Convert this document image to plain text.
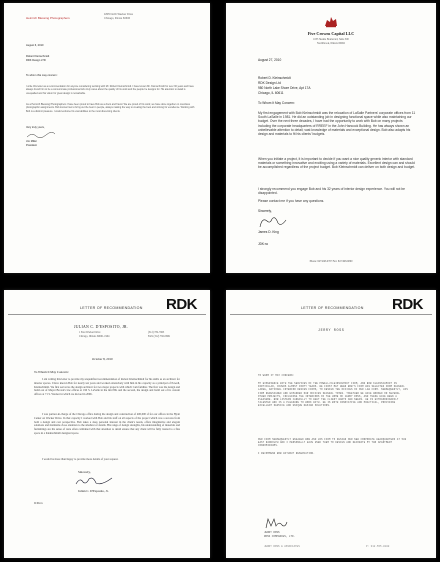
Heinrich Blessing Photographers
1835 North Wacker Drive
Chicago, Illinois 60606
August 6, 2010
Robert Kleinschmidt
RDK Design LTD
To whom this may concern:
I write this letter as a recommendation for anyone considering working with Mr. Robert Kleinschmidt. I have known Mr. Kleinschmidt for over 30 years and have always found him to be a consummate professional who truly cares about the quality of his work and the people he designs for. His attention to detail is unequalled and his vision for great design is remarkable.
As a Heinrich Blessing Photographers I have been proud to have Bob as a client and friend. We are proud of his work; we have done together on countless photographic assignments. Bob knows how to bring out the best in people, always making the way to creating the best and striving for excellence. Working with Bob is a distinct pleasure. I would endorse his vast abilities to the most discerning clients.
Very truly yours,
Jim Miller
President
Five Crowns Capital LLC
1033 Skokie Boulevard, Suite 300
Northbrook, Illinois 60062
August 27, 2010
Robert D. Kleinschmidt
RDK Design Ltd
980 North Lake Shore Drive, Apt 17A
Chicago, IL 60611
To Whom It May Concern:
My first engagement with Bob Kleinschmidt was the relocation of LaSalle Partners' corporate offices from 11 South LaSalle in 1981. He did an outstanding job in designing functional space while also maintaining our budget. Over the next three decades, I have had the opportunity to work with Bob on many projects including the corporate headquarters of RREEF in the John Hancock Building. He has always shown an unbelievable attention to detail; vast knowledge of materials and exceptional design. Bob also adapts his design and materials to fit his clients' budgets.
When you initiate a project, it is important to decide if you want a nice quality generic interior with standard materials or something innovative and exciting using a variety of materials. Excellent design can and should be accomplished regardless of the project budget. Bob Kleinschmidt can deliver on both design and budget.
I strongly recommend you engage Bob and his 32 years of interior design experience. You will not be disappointed.
Please contact me if you have any questions.
Sincerely,
James D. King
JDK:ra
Phone: 847/498-6767 Fax: 847/498-6890
LETTER OF RECOMMENDATION RDK
JULIAN C. D'ESPOSITO, JR.
1 East Wacker Drive
Chicago, Illinois 60601-1904
(312) 782-7663
FAX (312) 782-0669
October 8, 2010
To Whom It May Concern:
I am writing this letter to provide my unqualified recommendation of Robert Kleinschmidt for his skills as an architect for interior spaces. I have known Bob for nearly ten years and worked extensively with him in his capacity as a principal of Powell, Kleinschmidt. We first served as the design architect for two major projects with which I am familiar. The first was the design and build out of Mayer Brown's law offices at 190 S. LaSalle in the mid 80s and the second, the design and build out of its current offices at 71 S. Wacker in which we moved in 2006.
I was partner-in-charge of the Chicago office during the design and construction of 400,000 sf for our offices in the Hyatt Center on Wacker Drive. In that capacity I worked with Bob and his staff on all aspects of the project which was a success from both a design and cost perspective. Bob takes a deep personal interest in the client's needs, offers imaginative and elegant solutions and maintains close attention to the smallest of details. His range of design strengths, his understanding of materials and furnishings are his sense of taste often combined with that attention to detail ensure that any client will be fully treated to a fine space in a Kleinschmidt designed space.
I would be more than happy to provide more details of your request.
Sincerely,
Julian C. D'Esposito, Jr.
JCD:rca
LETTER OF RECOMMENDATION RDK
JERRY ROSS
TO WHOM IT MAY CONCERN:
MY EXPERIENCE WITH THE SERVICES OF THE POWELL/KLEINSCHMIDT FIRM, AND BOB KLEINSCHMIDT IN PARTICULAR, COVERS ALMOST FORTY YEARS. WE FIRST MET WHEN BOB'S FIRM WAS SELECTED FROM SEVERAL LARGE, NATIONAL INTERIOR DESIGN FIRMS, TO DESIGN THE OFFICES OF OUR LAW FIRM. SUBSEQUENTLY, HIS FIRM REDESIGNED AND EXPANDED OUR OFFICES SEVERAL TIMES. TOGETHER WE HAVE WORKED ON SEVERAL OTHER PROJECTS, INCLUDING THE INTERIORS OF THE HOME OF JERRY ROSS, AND THESE HAVE BEEN A PLEASURE. BOB LISTENS CAREFULLY TO WHAT THE CLIENT WANTS AND NEEDS. HE IS EXTRAORDINARILY TALENTED AND IS A PLEASURE TO WORK WITH. HE IS BOTH INNOVATIVE AND PRACTICAL, PROVIDING EXCELLENT SERVICE AND UNIQUE DESIGN SOLUTIONS.
OUR FIRM SUBSEQUENTLY ENGAGED BOB AND HIS FIRM TO DESIGN OUR NEW CORPORATE HEADQUARTERS AT 500 EAST RANDOLPH AND I PERSONALLY HAVE USED THEM TO DESIGN AND DECORATE MY TWO APARTMENT CONDOMINIUMS.
I RECOMMEND BOB WITHOUT RESERVATION.
JERRY ROSS
ROSS COMPANIES, LTD.
JERRY ROSS & ASSOCIATES	P: 312.555.0100
